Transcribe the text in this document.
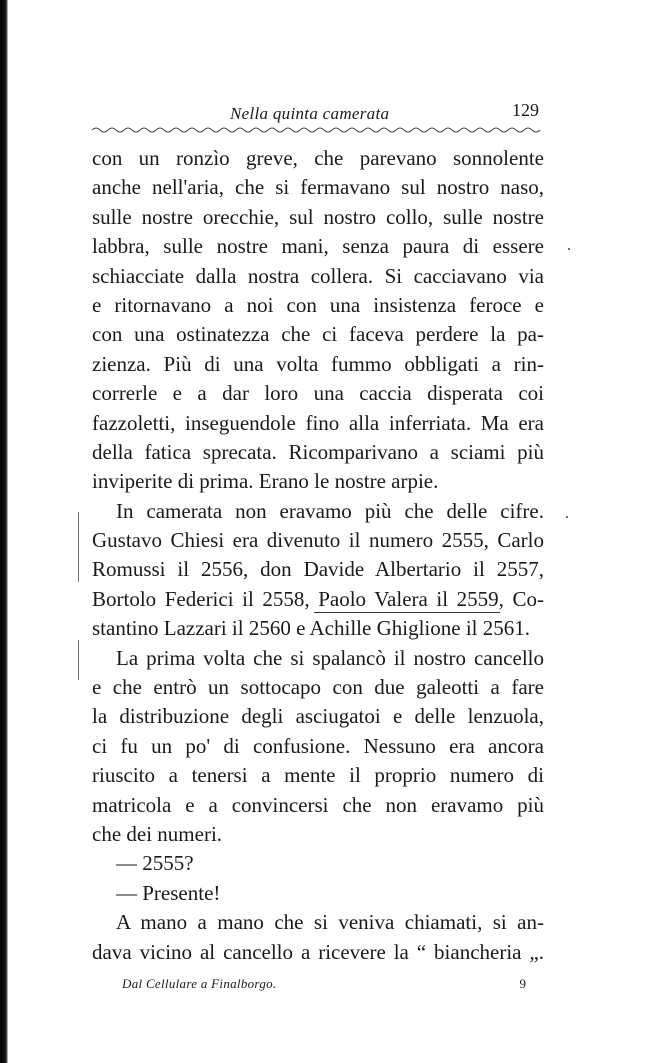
Nella quinta camerata	129
con un ronzìo greve, che parevano sonnolente
anche nell'aria, che si fermavano sul nostro naso,
sulle nostre orecchie, sul nostro collo, sulle nostre
labbra, sulle nostre mani, senza paura di essere
schiacciate dalla nostra collera. Si cacciavano via
e ritornavano a noi con una insistenza feroce e
con una ostinatezza che ci faceva perdere la pa-
zienza. Più di una volta fummo obbligati a rin-
correrle e a dar loro una caccia disperata coi
fazzoletti, inseguendole fino alla inferriata. Ma era
della fatica sprecata. Ricomparivano a sciami più
inviperite di prima. Erano le nostre arpie.
In camerata non eravamo più che delle cifre.
Gustavo Chiesi era divenuto il numero 2555, Carlo
Romussi il 2556, don Davide Albertario il 2557,
Bortolo Federici il 2558, Paolo Valera il 2559, Co-
stantino Lazzari il 2560 e Achille Ghiglione il 2561.
La prima volta che si spalancò il nostro cancello
e che entrò un sottocapo con due galeotti a fare
la distribuzione degli asciugatoi e delle lenzuola,
ci fu un po' di confusione. Nessuno era ancora
riuscito a tenersi a mente il proprio numero di
matricola e a convincersi che non eravamo più
che dei numeri.
— 2555?
— Presente!
A mano a mano che si veniva chiamati, si an-
dava vicino al cancello a ricevere la “ biancheria „.
Dal Cellulare a Finalborgo.	9
